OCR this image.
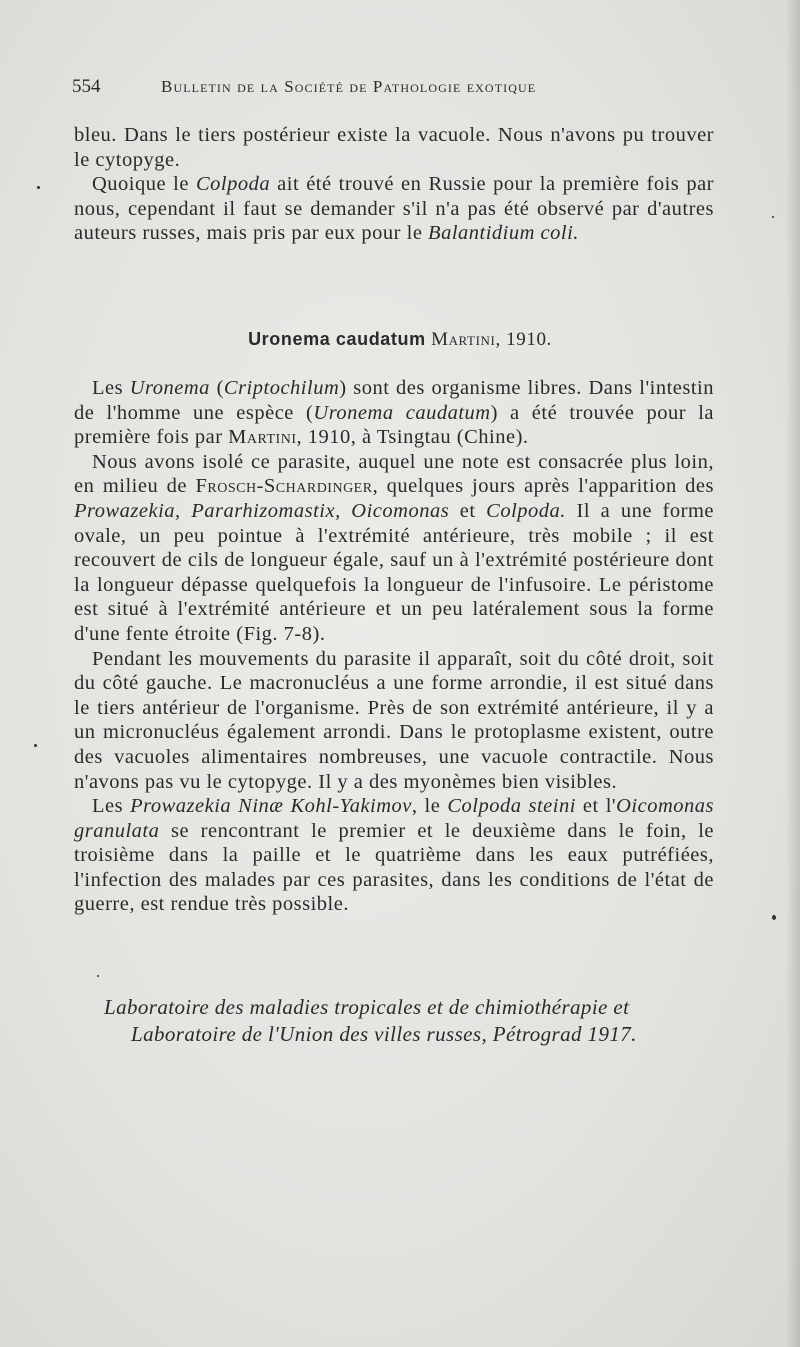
554	Bulletin de la Société de Pathologie exotique

bleu. Dans le tiers postérieur existe la vacuole. Nous n'avons pu trouver le cytopyge.

Quoique le Colpoda ait été trouvé en Russie pour la première fois par nous, cependant il faut se demander s'il n'a pas été observé par d'autres auteurs russes, mais pris par eux pour le Balantidium coli.

Uronema caudatum Martini, 1910.

Les Uronema (Criptochilum) sont des organisme libres. Dans l'intestin de l'homme une espèce (Uronema caudatum) a été trouvée pour la première fois par Martini, 1910, à Tsingtau (Chine).

Nous avons isolé ce parasite, auquel une note est consacrée plus loin, en milieu de Frosch-Schardinger, quelques jours après l'apparition des Prowazekia, Pararhizomastix, Oicomonas et Colpoda. Il a une forme ovale, un peu pointue à l'extrémité antérieure, très mobile ; il est recouvert de cils de longueur égale, sauf un à l'extrémité postérieure dont la longueur dépasse quelquefois la longueur de l'infusoire. Le péristome est situé à l'extrémité antérieure et un peu latéralement sous la forme d'une fente étroite (Fig. 7-8).

Pendant les mouvements du parasite il apparaît, soit du côté droit, soit du côté gauche. Le macronucléus a une forme arrondie, il est situé dans le tiers antérieur de l'organisme. Près de son extrémité antérieure, il y a un micronucléus également arrondi. Dans le protoplasme existent, outre des vacuoles alimentaires nombreuses, une vacuole contractile. Nous n'avons pas vu le cytopyge. Il y a des myonèmes bien visibles.

Les Prowazekia Ninæ Kohl-Yakimov, le Colpoda steini et l'Oicomonas granulata se rencontrant le premier et le deuxième dans le foin, le troisième dans la paille et le quatrième dans les eaux putréfiées, l'infection des malades par ces parasites, dans les conditions de l'état de guerre, est rendue très possible.

Laboratoire des maladies tropicales et de chimiothérapie et
Laboratoire de l'Union des villes russes, Pétrograd 1917.
